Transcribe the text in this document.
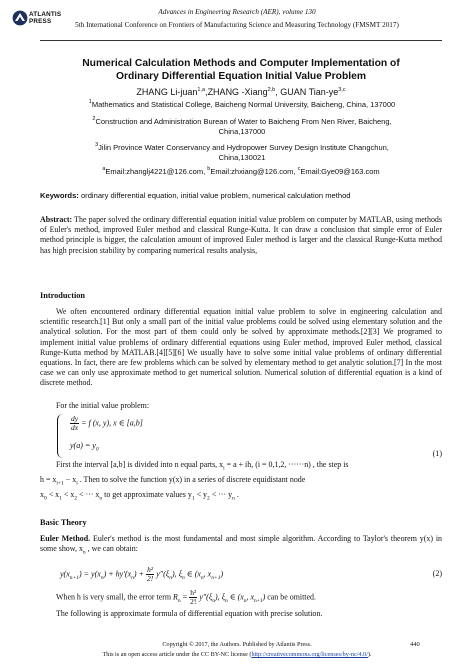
ATLANTIS
PRESS
Advances in Engineering Research (AER), volume 130
5th International Conference on Frontiers of Manufacturing Science and Measuring Technology (FMSMT 2017)
Numerical Calculation Methods and Computer Implementation of
Ordinary Differential Equation Initial Value Problem
ZHANG Li-juan$^{1,a}$,ZHANG -Xiang$^{2,b}$, GUAN Tian-ye$^{3,c}$
$^1$Mathematics and Statistical College, Baicheng Normal University, Baicheng, China, 137000
$^2$Construction and Administration Burean of Water to Baicheng From Nen River, Baicheng,
China,137000
$^3$Jilin Province Water Conservancy and Hydropower Survey Design Institute Changchun,
China,130021
$^a$Email:zhanglj4221@126.com, $^b$Email:zhxiang@126.com, $^c$Email:Gye09@163.com
Keywords: ordinary differential equation, initial value problem, numerical calculation method
Abstract: The paper solved the ordinary differential equation initial value problem on computer by MATLAB, using methods of Euler's method, improved Euler method and classical Runge-Kutta. It can draw a conclusion that simple error of Euler method principle is bigger, the calculation amount of improved Euler method is larger and the classical Runge-Kutta method has high precision stability by comparing numerical results analysis,
Introduction
We often encountered ordinary differential equation initial value problem to solve in engineering calculation and scientific research.[1] But only a small part of the initial value problems could be solved using elementary solution and the analytical solution. For the most part of them could only be solved by approximate methods.[2][3] We programed to implement initial value problems of ordinary differential equations using Euler method, improved Euler method, classical Runge-Kutta method by MATLAB.[4][5][6] We usually have to solve some initial value problems of ordinary differential equations. In fact, there are few problems which can be solved by elementary method to get analytic solution.[7] In the most case we can only use approximate method to get numerical solution. Numerical solution of differential equation is a kind of discrete method.
For the initial value problem:
$\frac{dy}{dx} = f$ (x, y), x ∈ [a,b]
$y(a) = y_0$	(1)
First the interval [a,b] is divided into n equal parts, $x_i = a$ + ih, (i = 0,1,2, ······n) , the step is
$h = x_{i+1} - x_i$ . Then to solve the function y(x) in a series of discrete equidistant node
$x_0 < x_1 < x_2$ < ··· $x_n$ to get approximate values $y_1 < y_2$ < ··· $y_n$ .
Basic Theory
Euler Method. Euler's method is the most fundamental and most simple algorithm. According to Taylor's theorem y(x) in some show, $x_n$ , we can obtain:
$y(x_{n+1}) = y(x_n) + hy'(x_n) + \frac{\text{h²}}{2!} y''(\xi_n)$, $\xi_n$ ∈ ($x_n$, $x_{n+1}$)	(2)
When h is very small, the error term $R_n = \frac{\text{h²}}{2!} y''(\xi_n)$, $\xi_n$ ∈ ($x_n$, $x_{n+1}$) can be omitted.
The following is approximate formula of differential equation with precise solution.
Copyright © 2017, the Authors. Published by Atlantis Press.
This is an open access article under the CC BY-NC license (http://creativecommons.org/licenses/by-nc/4.0/).
440
